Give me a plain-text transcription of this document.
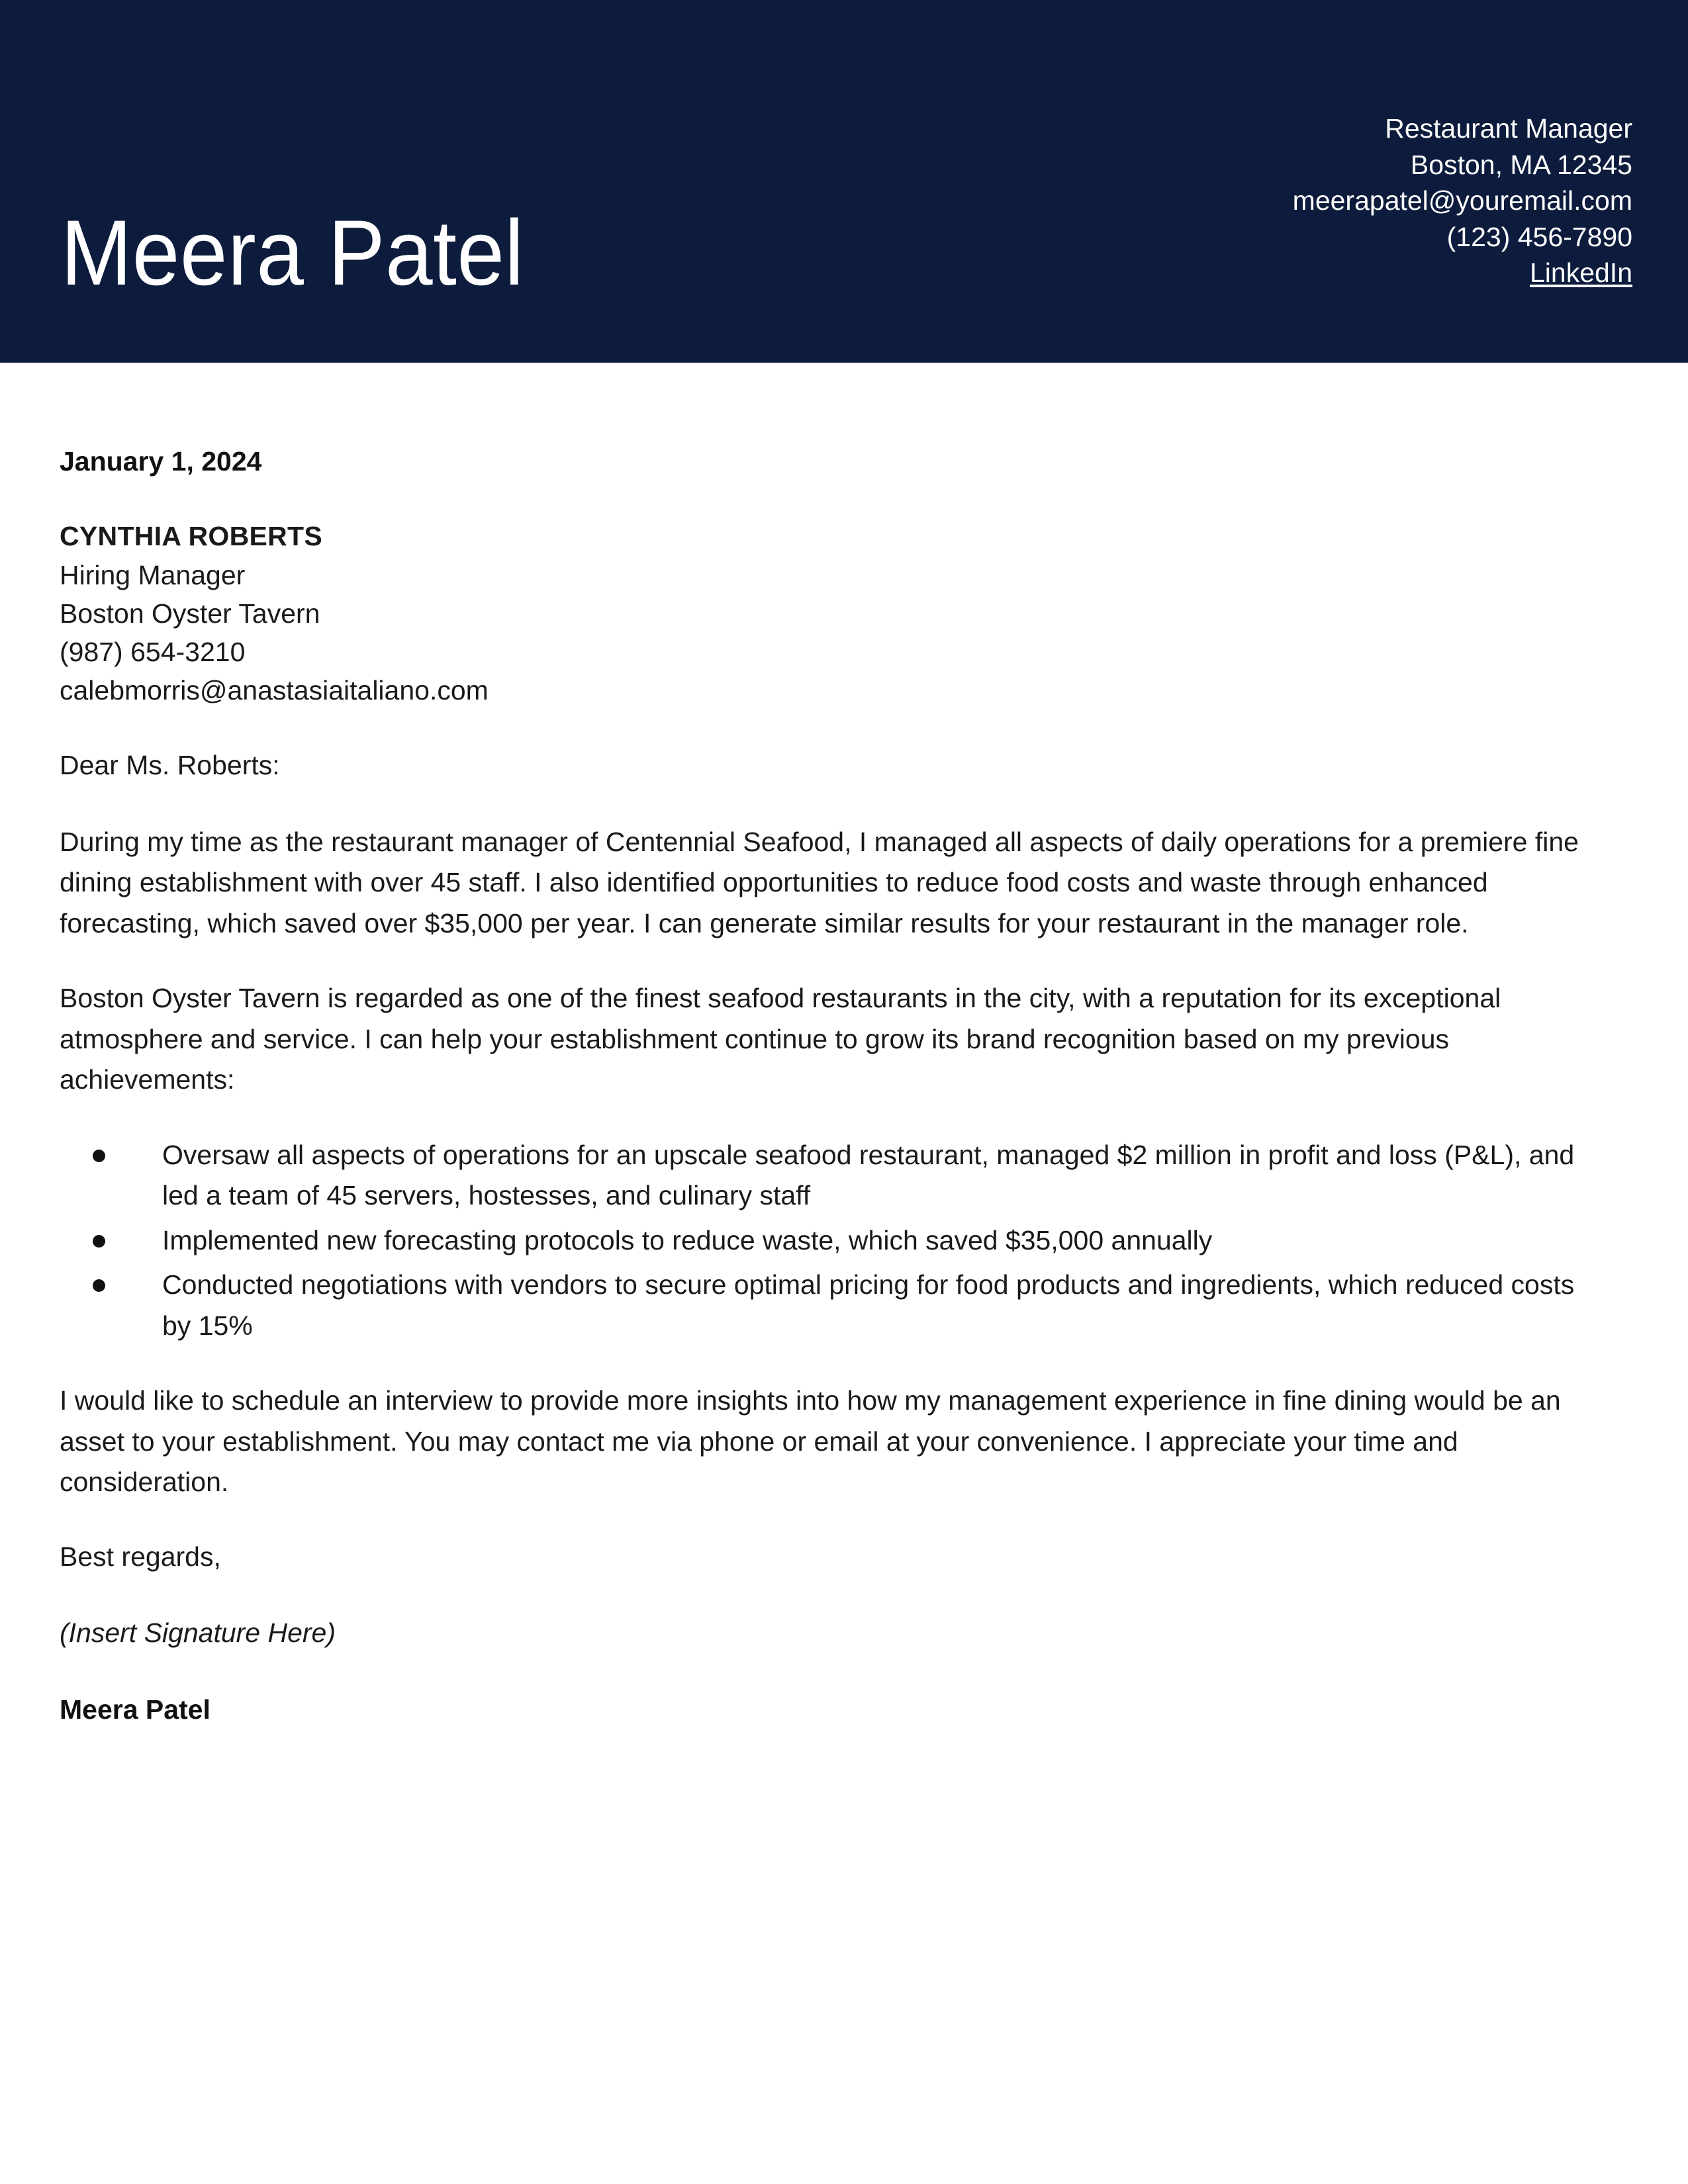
Meera Patel
Restaurant Manager
Boston, MA 12345
meerapatel@youremail.com
(123) 456-7890
LinkedIn

January 1, 2024

CYNTHIA ROBERTS
Hiring Manager
Boston Oyster Tavern
(987) 654-3210
calebmorris@anastasiaitaliano.com

Dear Ms. Roberts:

During my time as the restaurant manager of Centennial Seafood, I managed all aspects of daily operations for a premiere fine dining establishment with over 45 staff. I also identified opportunities to reduce food costs and waste through enhanced forecasting, which saved over $35,000 per year. I can generate similar results for your restaurant in the manager role.

Boston Oyster Tavern is regarded as one of the finest seafood restaurants in the city, with a reputation for its exceptional atmosphere and service. I can help your establishment continue to grow its brand recognition based on my previous achievements:

Oversaw all aspects of operations for an upscale seafood restaurant, managed $2 million in profit and loss (P&L), and led a team of 45 servers, hostesses, and culinary staff
Implemented new forecasting protocols to reduce waste, which saved $35,000 annually
Conducted negotiations with vendors to secure optimal pricing for food products and ingredients, which reduced costs by 15%

I would like to schedule an interview to provide more insights into how my management experience in fine dining would be an asset to your establishment. You may contact me via phone or email at your convenience. I appreciate your time and consideration.

Best regards,

(Insert Signature Here)

Meera Patel
